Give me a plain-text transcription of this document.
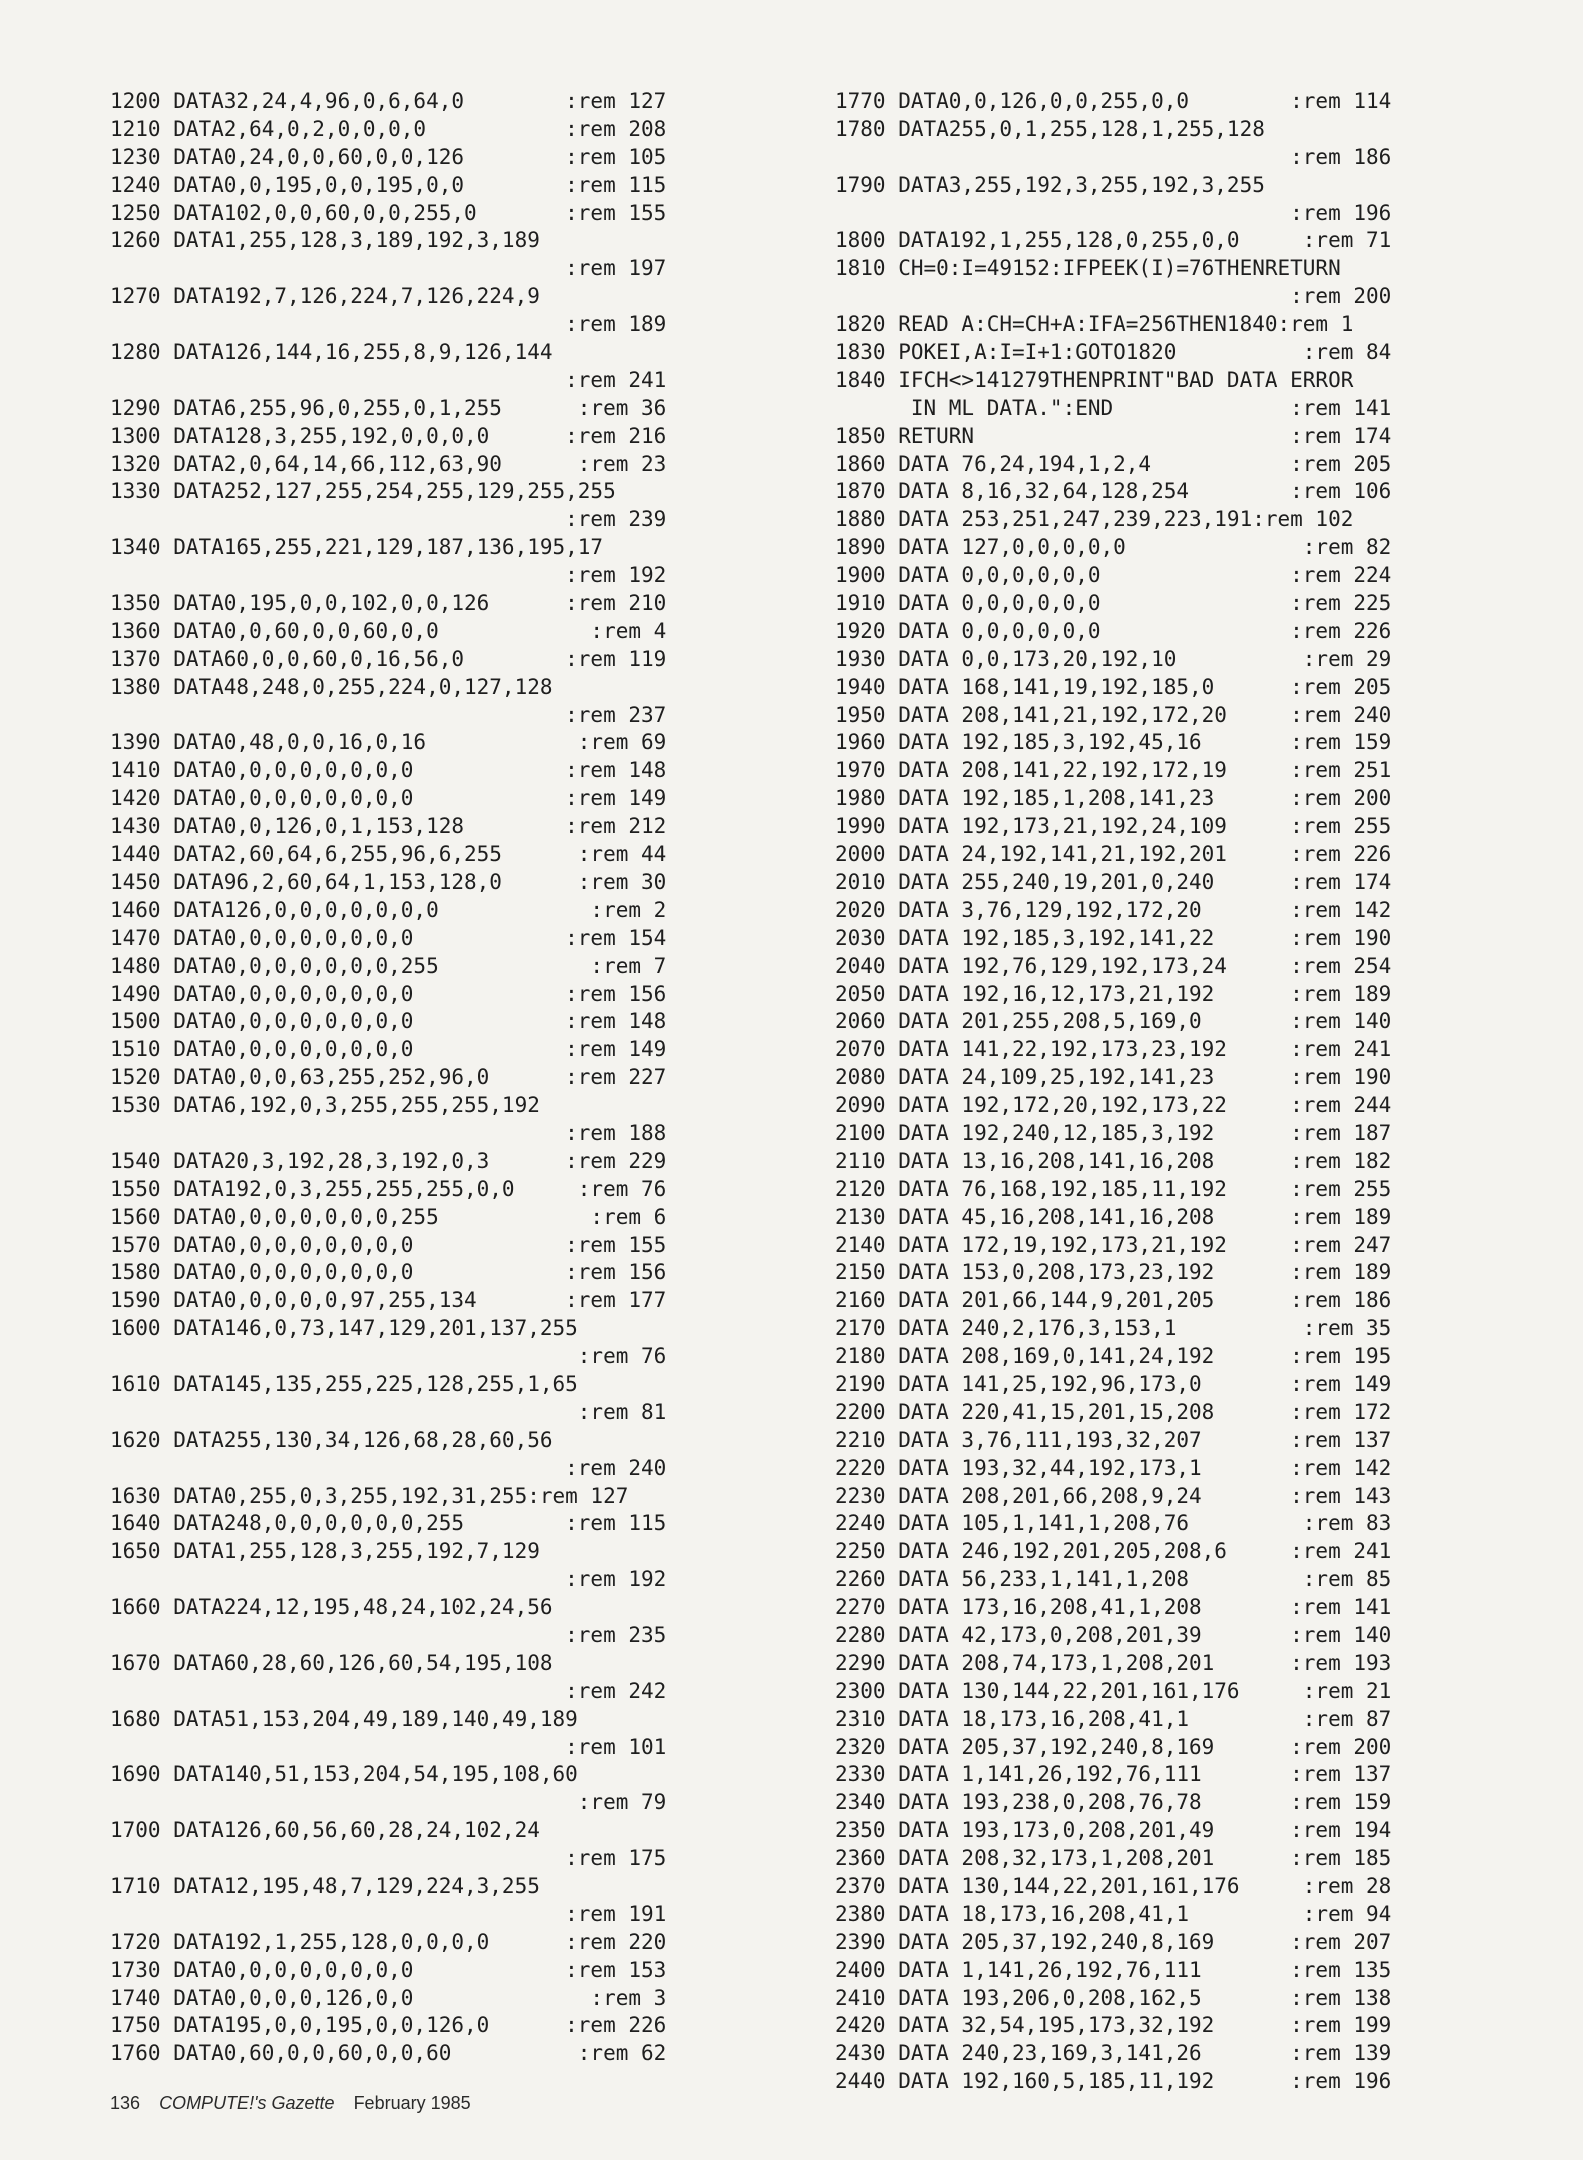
1200 DATA32,24,4,96,0,6,64,0        :rem 127
1210 DATA2,64,0,2,0,0,0,0           :rem 208
1230 DATA0,24,0,0,60,0,0,126        :rem 105
1240 DATA0,0,195,0,0,195,0,0        :rem 115
1250 DATA102,0,0,60,0,0,255,0       :rem 155
1260 DATA1,255,128,3,189,192,3,189
:rem 197
1270 DATA192,7,126,224,7,126,224,9
:rem 189
1280 DATA126,144,16,255,8,9,126,144
:rem 241
1290 DATA6,255,96,0,255,0,1,255      :rem 36
1300 DATA128,3,255,192,0,0,0,0      :rem 216
1320 DATA2,0,64,14,66,112,63,90      :rem 23
1330 DATA252,127,255,254,255,129,255,255
:rem 239
1340 DATA165,255,221,129,187,136,195,17
:rem 192
1350 DATA0,195,0,0,102,0,0,126      :rem 210
1360 DATA0,0,60,0,0,60,0,0            :rem 4
1370 DATA60,0,0,60,0,16,56,0        :rem 119
1380 DATA48,248,0,255,224,0,127,128
:rem 237
1390 DATA0,48,0,0,16,0,16            :rem 69
1410 DATA0,0,0,0,0,0,0,0            :rem 148
1420 DATA0,0,0,0,0,0,0,0            :rem 149
1430 DATA0,0,126,0,1,153,128        :rem 212
1440 DATA2,60,64,6,255,96,6,255      :rem 44
1450 DATA96,2,60,64,1,153,128,0      :rem 30
1460 DATA126,0,0,0,0,0,0,0            :rem 2
1470 DATA0,0,0,0,0,0,0,0            :rem 154
1480 DATA0,0,0,0,0,0,0,255            :rem 7
1490 DATA0,0,0,0,0,0,0,0            :rem 156
1500 DATA0,0,0,0,0,0,0,0            :rem 148
1510 DATA0,0,0,0,0,0,0,0            :rem 149
1520 DATA0,0,0,63,255,252,96,0      :rem 227
1530 DATA6,192,0,3,255,255,255,192
:rem 188
1540 DATA20,3,192,28,3,192,0,3      :rem 229
1550 DATA192,0,3,255,255,255,0,0     :rem 76
1560 DATA0,0,0,0,0,0,0,255            :rem 6
1570 DATA0,0,0,0,0,0,0,0            :rem 155
1580 DATA0,0,0,0,0,0,0,0            :rem 156
1590 DATA0,0,0,0,0,97,255,134       :rem 177
1600 DATA146,0,73,147,129,201,137,255
:rem 76
1610 DATA145,135,255,225,128,255,1,65
:rem 81
1620 DATA255,130,34,126,68,28,60,56
:rem 240
1630 DATA0,255,0,3,255,192,31,255:rem 127
1640 DATA248,0,0,0,0,0,0,255        :rem 115
1650 DATA1,255,128,3,255,192,7,129
:rem 192
1660 DATA224,12,195,48,24,102,24,56
:rem 235
1670 DATA60,28,60,126,60,54,195,108
:rem 242
1680 DATA51,153,204,49,189,140,49,189
:rem 101
1690 DATA140,51,153,204,54,195,108,60
:rem 79
1700 DATA126,60,56,60,28,24,102,24
:rem 175
1710 DATA12,195,48,7,129,224,3,255
:rem 191
1720 DATA192,1,255,128,0,0,0,0      :rem 220
1730 DATA0,0,0,0,0,0,0,0            :rem 153
1740 DATA0,0,0,0,126,0,0              :rem 3
1750 DATA195,0,0,195,0,0,126,0      :rem 226
1760 DATA0,60,0,0,60,0,0,60          :rem 62
1770 DATA0,0,126,0,0,255,0,0        :rem 114
1780 DATA255,0,1,255,128,1,255,128
:rem 186
1790 DATA3,255,192,3,255,192,3,255
:rem 196
1800 DATA192,1,255,128,0,255,0,0     :rem 71
1810 CH=0:I=49152:IFPEEK(I)=76THENRETURN
:rem 200
1820 READ A:CH=CH+A:IFA=256THEN1840:rem 1
1830 POKEI,A:I=I+1:GOTO1820          :rem 84
1840 IFCH<>141279THENPRINT"BAD DATA ERROR
IN ML DATA.":END              :rem 141
1850 RETURN                         :rem 174
1860 DATA 76,24,194,1,2,4           :rem 205
1870 DATA 8,16,32,64,128,254        :rem 106
1880 DATA 253,251,247,239,223,191:rem 102
1890 DATA 127,0,0,0,0,0              :rem 82
1900 DATA 0,0,0,0,0,0               :rem 224
1910 DATA 0,0,0,0,0,0               :rem 225
1920 DATA 0,0,0,0,0,0               :rem 226
1930 DATA 0,0,173,20,192,10          :rem 29
1940 DATA 168,141,19,192,185,0      :rem 205
1950 DATA 208,141,21,192,172,20     :rem 240
1960 DATA 192,185,3,192,45,16       :rem 159
1970 DATA 208,141,22,192,172,19     :rem 251
1980 DATA 192,185,1,208,141,23      :rem 200
1990 DATA 192,173,21,192,24,109     :rem 255
2000 DATA 24,192,141,21,192,201     :rem 226
2010 DATA 255,240,19,201,0,240      :rem 174
2020 DATA 3,76,129,192,172,20       :rem 142
2030 DATA 192,185,3,192,141,22      :rem 190
2040 DATA 192,76,129,192,173,24     :rem 254
2050 DATA 192,16,12,173,21,192      :rem 189
2060 DATA 201,255,208,5,169,0       :rem 140
2070 DATA 141,22,192,173,23,192     :rem 241
2080 DATA 24,109,25,192,141,23      :rem 190
2090 DATA 192,172,20,192,173,22     :rem 244
2100 DATA 192,240,12,185,3,192      :rem 187
2110 DATA 13,16,208,141,16,208      :rem 182
2120 DATA 76,168,192,185,11,192     :rem 255
2130 DATA 45,16,208,141,16,208      :rem 189
2140 DATA 172,19,192,173,21,192     :rem 247
2150 DATA 153,0,208,173,23,192      :rem 189
2160 DATA 201,66,144,9,201,205      :rem 186
2170 DATA 240,2,176,3,153,1          :rem 35
2180 DATA 208,169,0,141,24,192      :rem 195
2190 DATA 141,25,192,96,173,0       :rem 149
2200 DATA 220,41,15,201,15,208      :rem 172
2210 DATA 3,76,111,193,32,207       :rem 137
2220 DATA 193,32,44,192,173,1       :rem 142
2230 DATA 208,201,66,208,9,24       :rem 143
2240 DATA 105,1,141,1,208,76         :rem 83
2250 DATA 246,192,201,205,208,6     :rem 241
2260 DATA 56,233,1,141,1,208         :rem 85
2270 DATA 173,16,208,41,1,208       :rem 141
2280 DATA 42,173,0,208,201,39       :rem 140
2290 DATA 208,74,173,1,208,201      :rem 193
2300 DATA 130,144,22,201,161,176     :rem 21
2310 DATA 18,173,16,208,41,1         :rem 87
2320 DATA 205,37,192,240,8,169      :rem 200
2330 DATA 1,141,26,192,76,111       :rem 137
2340 DATA 193,238,0,208,76,78       :rem 159
2350 DATA 193,173,0,208,201,49      :rem 194
2360 DATA 208,32,173,1,208,201      :rem 185
2370 DATA 130,144,22,201,161,176     :rem 28
2380 DATA 18,173,16,208,41,1         :rem 94
2390 DATA 205,37,192,240,8,169      :rem 207
2400 DATA 1,141,26,192,76,111       :rem 135
2410 DATA 193,206,0,208,162,5       :rem 138
2420 DATA 32,54,195,173,32,192      :rem 199
2430 DATA 240,23,169,3,141,26       :rem 139
2440 DATA 192,160,5,185,11,192      :rem 196
136 COMPUTE!'s Gazette February 1985
